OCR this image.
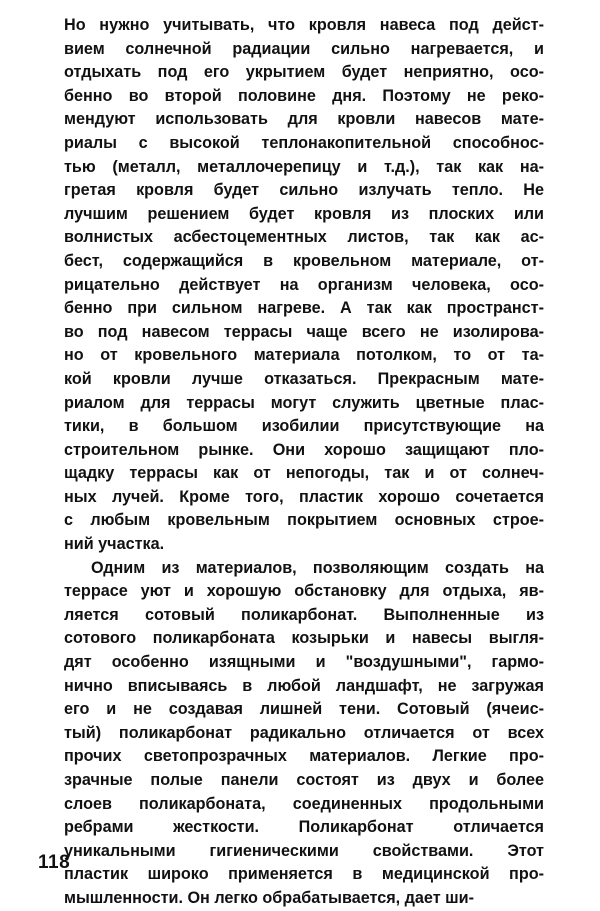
Но нужно учитывать, что кровля навеса под дейст-
вием солнечной радиации сильно нагревается, и
отдыхать под его укрытием будет неприятно, осо-
бенно во второй половине дня. Поэтому не реко-
мендуют использовать для кровли навесов мате-
риалы с высокой теплонакопительной способнос-
тью (металл, металлочерепицу и т.д.), так как на-
гретая кровля будет сильно излучать тепло. Не
лучшим решением будет кровля из плоских или
волнистых асбестоцементных листов, так как ас-
бест, содержащийся в кровельном материале, от-
рицательно действует на организм человека, осо-
бенно при сильном нагреве. А так как пространст-
во под навесом террасы чаще всего не изолирова-
но от кровельного материала потолком, то от та-
кой кровли лучше отказаться. Прекрасным мате-
риалом для террасы могут служить цветные плас-
тики, в большом изобилии присутствующие на
строительном рынке. Они хорошо защищают пло-
щадку террасы как от непогоды, так и от солнеч-
ных лучей. Кроме того, пластик хорошо сочетается
с любым кровельным покрытием основных строе-
ний участка.
Одним из материалов, позволяющим создать на
террасе уют и хорошую обстановку для отдыха, яв-
ляется сотовый поликарбонат. Выполненные из
сотового поликарбоната козырьки и навесы выгля-
дят особенно изящными и "воздушными", гармо-
нично вписываясь в любой ландшафт, не загружая
его и не создавая лишней тени. Сотовый (ячеис-
тый) поликарбонат радикально отличается от всех
прочих светопрозрачных материалов. Легкие про-
зрачные полые панели состоят из двух и более
слоев поликарбоната, соединенных продольными
ребрами жесткости. Поликарбонат отличается
уникальными гигиеническими свойствами. Этот
пластик широко применяется в медицинской про-
мышленности. Он легко обрабатывается, дает ши-
118
